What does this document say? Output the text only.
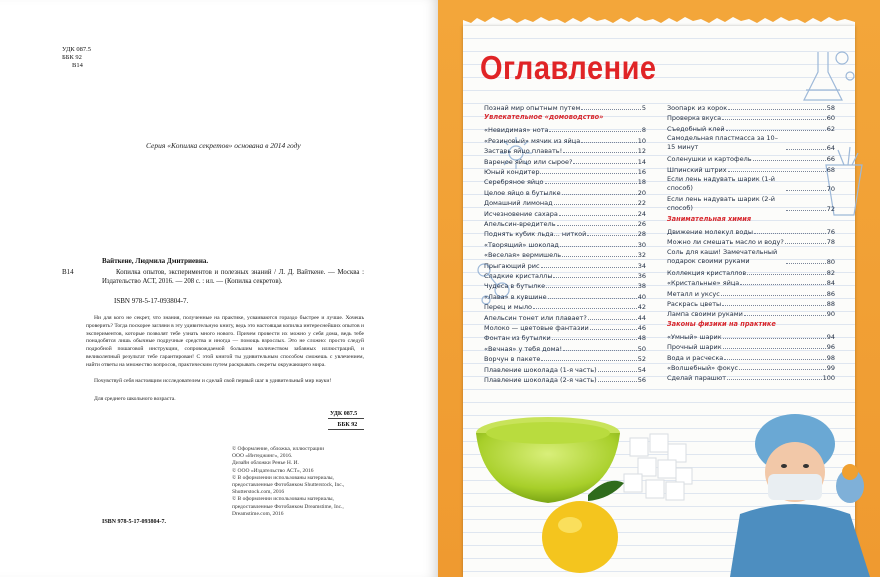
УДК 087.5
ББК 92
В14
Серия «Копилка секретов» основана в 2014 году
Вайткене, Людмила Дмитриевна.
В14	Копилка опытов, экспериментов и полезных знаний / Л. Д. Вайткене. — Москва : Издательство АСТ, 2016. — 208 с. : ил. — (Копилка секретов).
ISBN 978-5-17-093804-7.
Ни для кого не секрет, что знания, полученные на практике, усваиваются гораздо быстрее и лучше. Хочешь проверить? Тогда поскорее загляни в эту удивительную книгу, ведь это настоящая копилка интереснейших опытов и экспериментов, которые позволят тебе узнать много нового. Причем провести их можно у себя дома, ведь тебе понадобятся лишь обычные подручные средства и иногда — помощь взрослых. Это не сложно: просто следуй подробной пошаговой инструкции, сопровождаемой большим количеством забавных иллюстраций, и великолепный результат тебе гарантирован! С этой книгой ты удивительным способом сможешь с увлечением, найти ответы на множество вопросов, практическим путем раскрывать секреты окружающего мира.
Почувствуй себя настоящим исследователем и сделай свой первый шаг в удивительный мир науки!
Для среднего школьного возраста.
УДК 087.5
ББК 92
© Оформление, обложка, иллюстрации
ООО «Интеджинг», 2016.
Дизайн обложки Ренье Н. И.
© ООО «Издательство АСТ», 2016
© В оформлении использованы материалы,
предоставленные Фотобанком Shutterstock, Inc.,
Shutterstock.com, 2016
© В оформлении использованы материалы,
предоставленные Фотобанком Dreamstime, Inc.,
Dreamstime.com, 2016
ISBN 978-5-17-093804-7.
Оглавление
Познай мир опытным путем	5
Увлекательное «домоводство»
«Невидимая» нота	8
«Резиновый» мячик из яйца	10
Заставь яйцо плавать!	12
Вареное яйцо или сырое?	14
Юный кондитер	16
Серебряное яйцо	18
Целое яйцо в бутылке	20
Домашний лимонад	22
Исчезновение сахара	24
Апельсин-вредитель	26
Поднять кубик льда... ниткой	28
«Творящий» шоколад	30
«Веселая» вермишель	32
Прыгающий рис	34
Сладкие кристаллы	36
Чудеса в бутылке	38
«Лава» в кувшине	40
Перец и мыло	42
Апельсин тонет или плавает?	44
Молоко — цветовые фантазии	46
Фонтан из бутылки	48
«Вечная» у тебя дома!	50
Ворчун в пакете	52
Плавление шоколада (1-я часть)	54
Плавление шоколада (2-я часть)	56
Зоопарк из корок	58
Проверка вкуса	60
Съедобный клей	62
Самодельная пластмасса за 10–15 минут	64
Соленушки и картофель	66
Шпинский штрих	68
Если лень надувать шарик (1-й способ)	70
Если лень надувать шарик (2-й способ)	72
Занимательная химия
Движение молекул воды	76
Можно ли смешать масло и воду?	78
Соль для каши! Замечательный подарок своими руками	80
Коллекция кристаллов	82
«Кристальные» яйца	84
Металл и уксус	86
Раскрась цветы	88
Лампа своими руками	90
Законы физики на практике
«Умный» шарик	94
Прочный шарик	96
Вода и расческа	98
«Волшебный» фокус	99
Сделай парашют	100
